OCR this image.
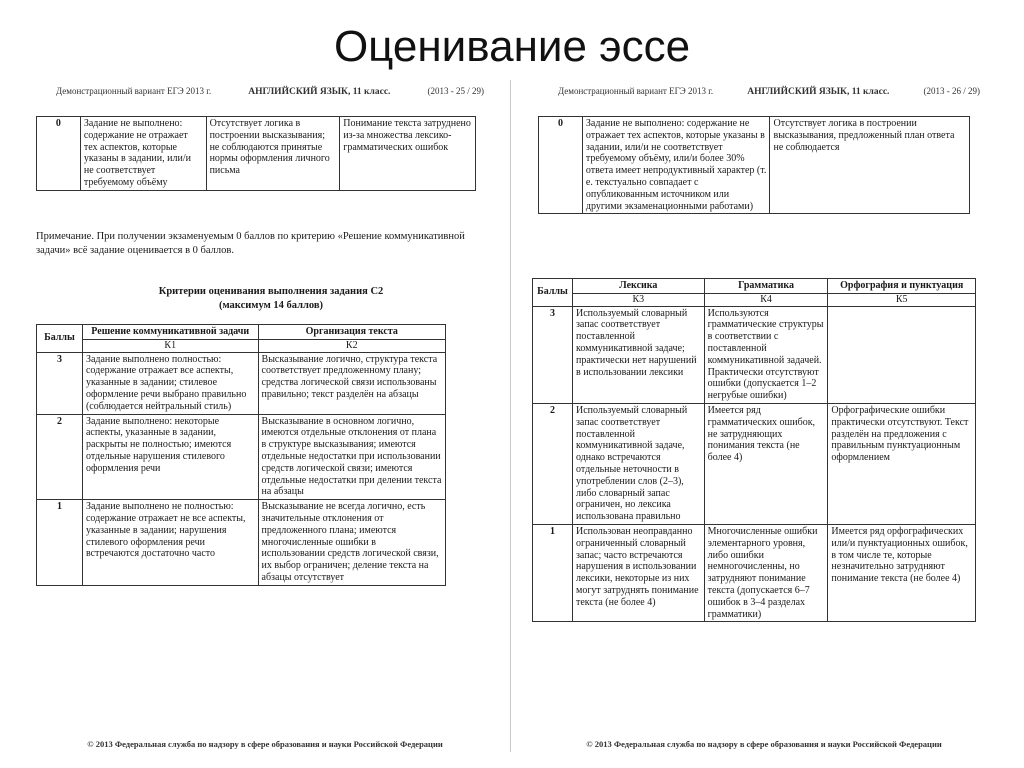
Оценивание эссе
Демонстрационный вариант ЕГЭ 2013 г.	АНГЛИЙСКИЙ ЯЗЫК, 11 класс.	(2013 - 25 / 29)
0	Задание не выполнено: содержание не отражает тех аспектов, которые указаны в задании, или/и не соответствует требуемому объёму	Отсутствует логика в построении высказывания; не соблюдаются принятые нормы оформления личного письма	Понимание текста затруднено из-за множества лексико-грамматических ошибок
Примечание. При получении экзаменуемым 0 баллов по критерию «Решение коммуникативной задачи» всё задание оценивается в 0 баллов.
Критерии оценивания выполнения задания С2
(максимум 14 баллов)
Баллы	Решение коммуникативной задачи	Организация текста
	К1	К2
3	Задание выполнено полностью: содержание отражает все аспекты, указанные в задании; стилевое оформление речи выбрано правильно (соблюдается нейтральный стиль)	Высказывание логично, структура текста соответствует предложенному плану; средства логической связи использованы правильно; текст разделён на абзацы
2	Задание выполнено: некоторые аспекты, указанные в задании, раскрыты не полностью; имеются отдельные нарушения стилевого оформления речи	Высказывание в основном логично, имеются отдельные отклонения от плана в структуре высказывания; имеются отдельные недостатки при использовании средств логической связи; имеются отдельные недостатки при делении текста на абзацы
1	Задание выполнено не полностью: содержание отражает не все аспекты, указанные в задании; нарушения стилевого оформления речи встречаются достаточно часто	Высказывание не всегда логично, есть значительные отклонения от предложенного плана; имеются многочисленные ошибки в использовании средств логической связи, их выбор ограничен; деление текста на абзацы отсутствует
© 2013 Федеральная служба по надзору в сфере образования и науки Российской Федерации
Демонстрационный вариант ЕГЭ 2013 г.	АНГЛИЙСКИЙ ЯЗЫК, 11 класс.	(2013 - 26 / 29)
0	Задание не выполнено: содержание не отражает тех аспектов, которые указаны в задании, или/и не соответствует требуемому объёму, или/и более 30% ответа имеет непродуктивный характер (т. е. текстуально совпадает с опубликованным источником или другими экзаменационными работами)	Отсутствует логика в построении высказывания, предложенный план ответа не соблюдается
Баллы	Лексика	Грамматика	Орфография и пунктуация
	К3	К4	К5
3	Используемый словарный запас соответствует поставленной коммуникативной задаче; практически нет нарушений в использовании лексики	Используются грамматические структуры в соответствии с поставленной коммуникативной задачей. Практически отсутствуют ошибки (допускается 1–2 негрубые ошибки)	
2	Используемый словарный запас соответствует поставленной коммуникативной задаче, однако встречаются отдельные неточности в употреблении слов (2–3), либо словарный запас ограничен, но лексика использована правильно	Имеется ряд грамматических ошибок, не затрудняющих понимания текста (не более 4)	Орфографические ошибки практически отсутствуют. Текст разделён на предложения с правильным пунктуационным оформлением
1	Использован неоправданно ограниченный словарный запас; часто встречаются нарушения в использовании лексики, некоторые из них могут затруднять понимание текста (не более 4)	Многочисленные ошибки элементарного уровня, либо ошибки немногочисленны, но затрудняют понимание текста (допускается 6–7 ошибок в 3–4 разделах грамматики)	Имеется ряд орфографических или/и пунктуационных ошибок, в том числе те, которые незначительно затрудняют понимание текста (не более 4)
© 2013 Федеральная служба по надзору в сфере образования и науки Российской Федерации
